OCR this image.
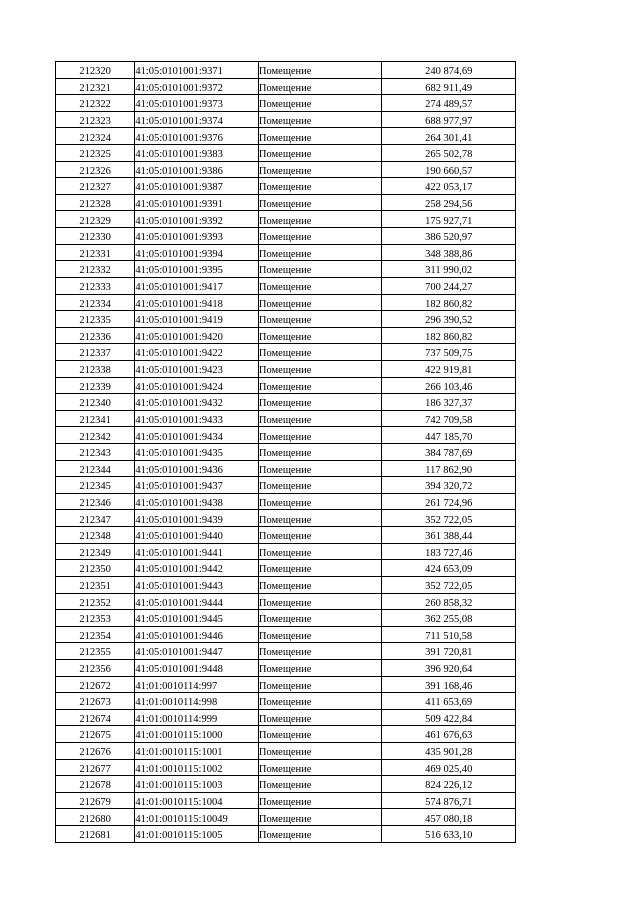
212320	41:05:0101001:9371	Помещение	240 874,69
212321	41:05:0101001:9372	Помещение	682 911,49
212322	41:05:0101001:9373	Помещение	274 489,57
212323	41:05:0101001:9374	Помещение	688 977,97
212324	41:05:0101001:9376	Помещение	264 301,41
212325	41:05:0101001:9383	Помещение	265 502,78
212326	41:05:0101001:9386	Помещение	190 660,57
212327	41:05:0101001:9387	Помещение	422 053,17
212328	41:05:0101001:9391	Помещение	258 294,56
212329	41:05:0101001:9392	Помещение	175 927,71
212330	41:05:0101001:9393	Помещение	386 520,97
212331	41:05:0101001:9394	Помещение	348 388,86
212332	41:05:0101001:9395	Помещение	311 990,02
212333	41:05:0101001:9417	Помещение	700 244,27
212334	41:05:0101001:9418	Помещение	182 860,82
212335	41:05:0101001:9419	Помещение	296 390,52
212336	41:05:0101001:9420	Помещение	182 860,82
212337	41:05:0101001:9422	Помещение	737 509,75
212338	41:05:0101001:9423	Помещение	422 919,81
212339	41:05:0101001:9424	Помещение	266 103,46
212340	41:05:0101001:9432	Помещение	186 327,37
212341	41:05:0101001:9433	Помещение	742 709,58
212342	41:05:0101001:9434	Помещение	447 185,70
212343	41:05:0101001:9435	Помещение	384 787,69
212344	41:05:0101001:9436	Помещение	117 862,90
212345	41:05:0101001:9437	Помещение	394 320,72
212346	41:05:0101001:9438	Помещение	261 724,96
212347	41:05:0101001:9439	Помещение	352 722,05
212348	41:05:0101001:9440	Помещение	361 388,44
212349	41:05:0101001:9441	Помещение	183 727,46
212350	41:05:0101001:9442	Помещение	424 653,09
212351	41:05:0101001:9443	Помещение	352 722,05
212352	41:05:0101001:9444	Помещение	260 858,32
212353	41:05:0101001:9445	Помещение	362 255,08
212354	41:05:0101001:9446	Помещение	711 510,58
212355	41:05:0101001:9447	Помещение	391 720,81
212356	41:05:0101001:9448	Помещение	396 920,64
212672	41:01:0010114:997	Помещение	391 168,46
212673	41:01:0010114:998	Помещение	411 653,69
212674	41:01:0010114:999	Помещение	509 422,84
212675	41:01:0010115:1000	Помещение	461 676,63
212676	41:01:0010115:1001	Помещение	435 901,28
212677	41:01:0010115:1002	Помещение	469 025,40
212678	41:01:0010115:1003	Помещение	824 226,12
212679	41:01:0010115:1004	Помещение	574 876,71
212680	41:01:0010115:10049	Помещение	457 080,18
212681	41:01:0010115:1005	Помещение	516 633,10
